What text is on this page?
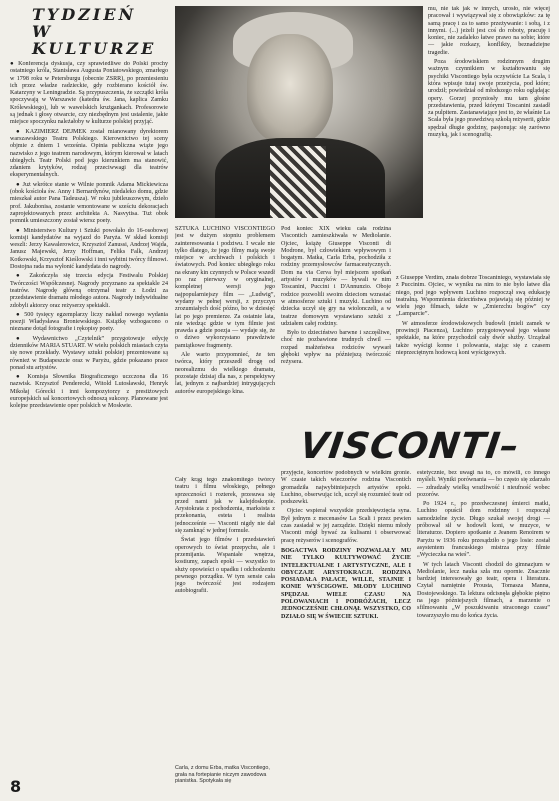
TYDZIEŃ
W KULTURZE

● Konferencja dyskusja, czy sprawiedliwe do Polski prochy ostatniego króla, Stanisława Augusta Poniatowskiego, zmarłego w 1798 roku w Petersburgu (obecnie ZSRR), po przeniesieniu ich przez władze radzieckie, gdy rozbierano kościół św. Katarzyny w Leningradzie. Są przypuszczenia, że szczątki króla spoczywają w Warszawie (katedra św. Jana, kaplica Zamku Królewskiego), lub w wawelskich krużgankach. Profesorowie są jednak i głosy otwarcie, czy niezbędnym jest ustalenie, jakie miejsce spoczynku należałoby w kulturze polskiej przyjąć.

● KAZIMIERZ DEJMEK został mianowany dyrektorem warszawskiego Teatru Polskiego. Kierownictwo tej sceny objmie z dniem 1 września. Opinia publiczna wiąże jego nazwisko z jego teatrem narodowym, którym kierował w latach ubiegłych. Teatr Polski pod jego kierunkiem ma stanowić, zdaniem krytyków, rodzaj przeciwwagi dla teatrów eksperymentalnych.

● Już wkrótce stanie w Wilnie pomnik Adama Mickiewicza (obok kościoła św. Anny i Bernardynów, niedaleko domu, gdzie mieszkał autor Pana Tadeusza). W roku jubileuszowym, dzieło prof. Jakubonisa, zostanie wmontowane w sześciu dekoracjach zaprojektowanych przez architekta A. Nasvytisa. Tuż obok pomnik umieszczony został wiersz poety.

● Ministerstwo Kultury i Sztuki powołało do 16-osobowej komisji kandydatów na wyjazd do Paryża. W skład komisji weszli: Jerzy Kawalerowicz, Krzysztof Zanussi, Andrzej Wajda, Janusz Majewski, Jerzy Hoffman, Feliks Falk, Andrzej Kotkowski, Krzysztof Kieślowski i inni wybitni twórcy filmowi. Dostojna rada ma wyłonić kandydata do nagrody.

● Zakończyła się trzecia edycja Festiwalu Polskiej Twórczości Współczesnej. Nagrody przyznano za spektakle 24 teatrów. Nagrodę główną otrzymał teatr z Łodzi za przedstawienie dramatu młodego autora. Nagrody indywidualne zdobyli aktorzy oraz reżyserzy spektakli.

● 500 tysięcy egzemplarzy liczy nakład nowego wydania poezji Władysława Broniewskiego. Książkę wzbogacono o nieznane dotąd fotografie i rękopisy poety.

● Wydawnictwo „Czytelnik” przygotowuje edycję dzienników MARIA STUART. W wielu polskich miastach czyta się nowe przekłady. Wystawy sztuki polskiej prezentowane są również w Budapeszcie oraz w Paryżu, gdzie pokazano prace ponad stu artystów.

● Komisja Słownika Biograficznego uczczona dla 16 nazwisk. Krzysztof Penderecki, Witold Lutosławski, Henryk Mikołaj Górecki i inni kompozytorzy z prestiżowych europejskich sal koncertowych odnoszą sukcesy. Planowane jest kolejne przedstawienie oper polskich w Moskwie.

8

mu, nie tak jak w innych, urosło, nie więcej pracował i wywiązywał się z obowiązków: za tę samą pracę i za to samo przeżywanie: i sobą, i z innymi. (...) jeżeli jest coś do roboty, pracuję i koniec, nie zadaleko łatwe prawo na sobie; które — jakie rozkazy, konflikty, beznadziejne tragedie.

Poza środowiskiem rodzinnym drugim ważnym czynnikiem w kształtowaniu się psychiki Viscontiego była oczywiście La Scala, i która wpisuje tutaj swoje przeżycia, pod które; urodził; powiedział od młodszego roku oglądając opery. Gorzej przyniosły mu tam głośne przedstawienia, przed którymi Toscanini zasiadł za pulpitem. Zastanawiające jest to, że właśnie La Scala była jego prawdziwą szkołą reżyserii, gdzie spędzał długie godziny, pasjonując się zarówno muzyką, jak i scenografią.

SZTUKA LUCHINO VISCONTIEGO jest w dużym stopniu problemem zainteresowania i podziwu. I wcale nie tylko dlatego, że jego filmy mają swoje miejsce w archiwach i polskich i światowych. Pod koniec ubiegłego roku na ekrany kin czynnych w Polsce wszedł po raz pierwszy w oryginalnej, kompletnej wersji jego najpopularniejszy film — „Ludwig”, wydany w pełnej wersji, z przyczyn zrozumiałych dość późno, bo w dziesięć lat po jego premierze. Za ostatnie lata, nie wiedząc gdzie w tym filmie jest prawda a gdzie poezja — wydaje się, że o dziwo wykorzystano prawdziwie pamiątkowe fragmenty.

Ale warto przypomnieć, że ten twórca, który przeszedł drogę od neorealizmu do wielkiego dramatu, pozostaje dzisiaj dla nas, z perspektywy lat, jednym z najbardziej intrygujących autorów europejskiego kina.

Pod koniec XIX wieku cała rodzina Viscontich zamieszkiwała w Mediolanie. Ojciec, książę Giuseppe Visconti di Modrone, był człowiekiem wpływowym i bogatym. Matka, Carla Erba, pochodziła z rodziny przemysłowców farmaceutycznych. Dom na via Cerva był miejscem spotkań artystów i muzyków — bywali w nim Toscanini, Puccini i D'Annunzio. Oboje rodzice pozwolili swoim dzieciom wzrastać w atmosferze sztuki i muzyki. Luchino od dziecka uczył się gry na wiolonczeli, a w teatrze domowym wystawiano sztuki z udziałem całej rodziny.

Było to dzieciństwo barwne i szczęśliwe, choć nie pozbawione trudnych chwil — rozpad małżeństwa rodziców wywarł głęboki wpływ na późniejszą twórczość reżysera.

z Giuseppe Verdim, znała dobrze Toscaniniego, wystawiała się z Puccinim. Ojciec, w wyniku na nim to nie było łatwe dla niego, pod jego wpływem Luchino rozpoczął swą edukację teatralną. Wspomnienia dzieciństwa pojawiają się później w wielu jego filmach, także w „Zmierzchu bogów” czy „Lamparcie”.

W atmosferze środowiskowych budowli (mieli zamek w prowincji Piacenza), Luchino przygotowywał jego własne spektakle, na które przychodził cały dwór służby. Urządzał także wyścigi konne i polowania, stając się z czasem nieprzeciętnym hodowcą koni wyścigowych.

VISCONTI–

Cały krąg tego znakomitego twórcy teatru i filmu włoskiego, pełnego sprzeczności i rozterek, przesuwa się przed nami jak w kalejdoskopie. Arystokrata z pochodzenia, marksista z przekonania, esteta i realista jednocześnie — Visconti nigdy nie dał się zamknąć w jednej formule.

Świat jego filmów i przedstawień operowych to świat przepychu, ale i przemijania. Wspaniałe wnętrza, kostiumy, zapach epoki — wszystko to służy opowieści o upadku i odchodzeniu pewnego porządku. W tym sensie cała jego twórczość jest rodzajem autobiografii.

Carla, z domu Erba, matka Viscontiego, grała na fortepianie niczym zawodowa pianistka. Spotykała się

przyjęcie, koncertów podobnych w wielkim gronie. W czasie takich wieczorów rodzina Viscontich gromadziła najwybitniejszych artystów epoki. Luchino, obserwując ich, uczył się rozumieć teatr od podszewki.

Ojciec wspierał wszystkie przedsięwzięcia syna. Był jednym z mecenasów La Scali i przez pewien czas zasiadał w jej zarządzie. Dzięki niemu młody Visconti mógł bywać za kulisami i obserwować pracę reżyserów i scenografów.

BOGACTWA RODZINY POZWALAŁY MU NIE TYLKO KULTYWOWAĆ ŻYCIE INTELEKTUALNE I ARTYSTYCZNE, ALE I OBYCZAJE ARYSTOKRACJI. RODZINA POSIADAŁA PAŁACE, WILLE, STAJNIE I KONIE WYŚCIGOWE. MŁODY LUCHINO SPĘDZAŁ WIELE CZASU NA POLOWANIACH I PODRÓŻACH, LECZ JEDNOCZEŚNIE CHŁONĄŁ WSZYSTKO, CO DZIAŁO SIĘ W ŚWIECIE SZTUKI.

estetycznie, bez uwagi na to, co mówili, co innego myśleli. Wyniki porównania — bo często się zdarzało — zdradzały wielką wrażliwość i nieufność wobec pozorów.

Po 1924 r., po przedwczesnej śmierci matki, Luchino opuścił dom rodzinny i rozpoczął samodzielne życie. Długo szukał swojej drogi — próbował sił w hodowli koni, w muzyce, w literaturze. Dopiero spotkanie z Jeanem Renoirem w Paryżu w 1936 roku przesądziło o jego losie: został asystentem francuskiego mistrza przy filmie „Wycieczka na wieś”.

W tych latach Visconti chodził do gimnazjum w Mediolanie, lecz nauka szła mu opornie. Znacznie bardziej interesowały go teatr, opera i literatura. Czytał namiętnie Prousta, Tomasza Manna, Dostojewskiego. Ta lektura odcisnęła głębokie piętno na jego późniejszych filmach, a marzenie o sfilmowaniu „W poszukiwaniu straconego czasu” towarzyszyło mu do końca życia.
